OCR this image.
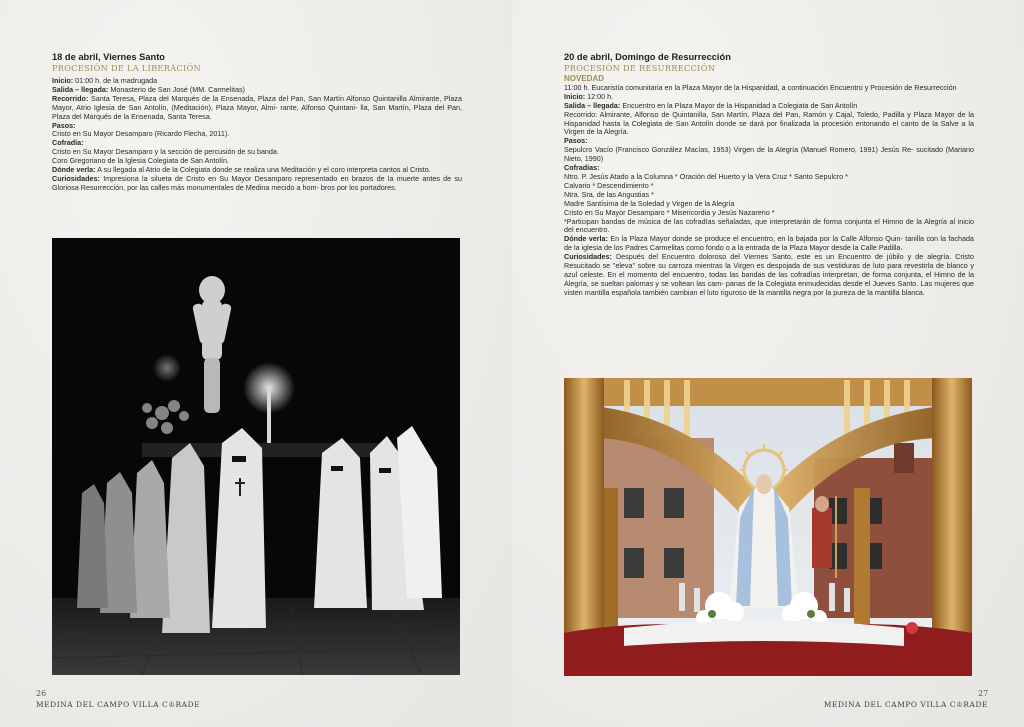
18 de abril, Viernes Santo
PROCESIÓN DE LA LIBERACIÓN
Inicio: 01:00 h. de la madrugada
Salida – llegada: Monasterio de San José (MM. Carmelitas)
Recorrido: Santa Teresa, Plaza del Marqués de la Ensenada, Plaza del Pan, San Martín Alfonso Quintanilla Almirante, Plaza Mayor, Atrio Iglesia de San Antolín, (Meditación), Plaza Mayor, Almi- rante, Alfonso Quintani- lla, San Martín, Plaza del Pan, Plaza del Marqués de la Ensenada, Santa Teresa.
Pasos:
Cristo en Su Mayor Desamparo (Ricardo Flecha, 2011).
Cofradía:
Cristo en Su Mayor Desamparo y la sección de percusión de su banda.
Coro Gregoriano de la Iglesia Colegiata de San Antolín.
Dónde verla: A su llegada al Atrio de la Colegiata donde se realiza una Meditación y el coro interpreta cantos al Cristo.
Curiosidades: Impresiona la silueta de Cristo en Su Mayor Desamparo representado en brazos de la muerte antes de su Gloriosa Resurrección, por las calles más monumentales de Medina mecido a hom- bros por los portadores.
26
MEDINA DEL CAMPO VILLA C♔RADE
20 de abril, Domingo de Resurrección
PROCESIÓN DE RESURRECCIÓN
NOVEDAD
11:00 h. Eucaristía comunitaria en la Plaza Mayor de la Hispanidad, a continuación Encuentro y Procesión de Resurrección
Inicio: 12:00 h.
Salida – llegada: Encuentro en la Plaza Mayor de la Hispanidad a Colegiata de San Antolín
Recorrido: Almirante, Alfonso de Quintanilla, San Martín, Plaza del Pan, Ramón y Cajal, Toledo, Padilla y Plaza Mayor de la Hispanidad hasta la Colegiata de San Antolín donde se dará por finalizada la procesión entonando el canto de la Salve a la Virgen de la Alegría.
Pasos:
Sepulcro Vacío (Francisco González Macías, 1953) Virgen de la Alegría (Manuel Romero, 1991) Jesús Re- sucitado (Mariano Nieto, 1990)
Cofradías:
Ntro. P. Jesús Atado a la Columna * Oración del Huerto y la Vera Cruz * Santo Sepulcro *
Calvario * Descendimiento *
Ntra. Sra. de las Angustias *
Madre Santísima de la Soledad y Virgen de la Alegría
Cristo en Su Mayor Desamparo * Misericordia y Jesús Nazareno *
*Participan bandas de música de las cofradías señaladas, que interpretarán de forma conjunta el Himno de la Alegría al inicio del encuentro.
Dónde verla: En la Plaza Mayor donde se produce el encuentro, en la bajada por la Calle Alfonso Quin- tanilla con la fachada de la iglesia de los Padres Carmelitas como fondo o a la entrada de la Plaza Mayor desde la Calle Padilla.
Curiosidades: Después del Encuentro doloroso del Viernes Santo, este es un Encuentro de júbilo y de alegría. Cristo Resucitado se "eleva" sobre su carroza mientras la Virgen es despojada de sus vestiduras de luto para revestirla de blanco y azul celeste. En el momento del encuentro, todas las bandas de las cofradías interpretan, de forma conjunta, el Himno de la Alegría, se sueltan palomas y se voltean las cam- panas de la Colegiata enmudecidas desde el Jueves Santo. Las mujeres que visten mantilla española también cambian el luto riguroso de la mantilla negra por la pureza de la mantilla blanca.
27
MEDINA DEL CAMPO VILLA C♔RADE
